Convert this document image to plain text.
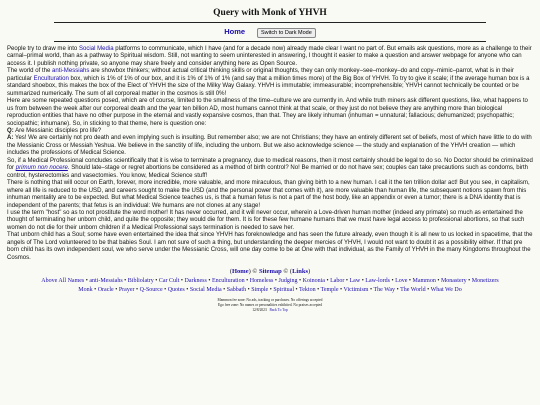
Query with Monk of YHVH
Home	Switch to Dark Mode

People try to draw me into Social Media platforms to communicate, which I have (and for a decade now) already made clear I want no part of. But emails ask questions, more as a challenge to their carnal–primal world, than as a pathway to Spiritual wisdom. Still, not wanting to seem uninterested in answering, I thought it easier to make a question and answer webpage for anyone who can access it. I publish nothing private, so anyone may share freely and consider anything here as Open Source.

The world of the anti-Messiahs are showbox thinkers; without actual critical thinking skills or original thoughts, they can only monkey–see–monkey–do and copy–mimic–parrot, what is in their particular Enculturation box, which is 1% of 1% of our box, and it is 1% of 1% of 1% (and say that a million times more) of the Big Box of YHVH. To try to give it scale; if the average human box is a standard shoebox, this makes the box of the Elect of YHVH the size of the Milky Way Galaxy. YHVH is immutable; immeasurable; incomprehensible; YHVH cannot technically be counted or be summarized numerically. The sum of all corporeal matter in the cosmos is still 0%!

Here are some repeated questions posed, which are of course, limited to the smallness of the time–culture we are currently in. And while truth miners ask different questions, like, what happens to us from between the week after our corporeal death and the year ten billion AD, most humans cannot think at that scale, or they just do not believe they are anything more than biological reproduction entities that have no other purpose in the eternal and vastly expansive cosmos, than that. They are likely inhuman (inhuman = unnatural; fallacious; dehumanized; psychopathic; sociopathic; inhumane). So, in sticking to that theme, here is question one:

Q: Are Messianic disciples pro life?

A: Yes! We are certainly not pro death and even implying such is insulting. But remember also; we are not Christians; they have an entirely different set of beliefs, most of which have little to do with the Messianic Cross or Messiah Yeshua. We believe in the sanctity of life, including the unborn. But we also acknowledge science — the study and explanation of the YHVH creation — which includes the professions of Medical Science.

So, if a Medical Professional concludes scientifically that it is wise to terminate a pregnancy, due to medical reasons, then it most certainly should be legal to do so. No Doctor should be criminalized for primum non nocere. Should late–stage or regret abortions be considered as a method of birth control? No! Be married or do not have sex; couples can take precautions such as condoms, birth control, hysterectomies and vasectomies. You know, Medical Science stuff!

There is nothing that will occur on Earth, forever, more incredible, more valuable, and more miraculous, than giving birth to a new human. I call it the ten trillion dollar act! But you see, in capitalism, where all life is reduced to the USD, and careers sought to make the USD (and the personal power that comes with it), are more valuable than human life, the subsequent notions spawn from this inhuman mentality are to be expected. But what Medical Science teaches us, is that a human fetus is not a part of the host body, like an appendix or even a tumor; there is a DNA identity that is independent of the parents; that fetus is an individual: We humans are not clones at any stage!

I use the term "host" so as to not prostitute the word mother! It has never occurred, and it will never occur, wherein a Love-driven human mother (indeed any primate) so much as entertained the thought of terminating her unborn child, and quite the opposite; they would die for them. It is for these few humane humans that we must have legal access to professional abortions, so that such women do not die for their unborn children if a Medical Professional says termination is needed to save her.

That unborn child has a Soul; some have even entertained the idea that since YHVH has foreknowledge and has seen the future already, even though it is all new to us locked in spacetime, that the angels of The Lord volunteered to be that babies Soul. I am not sure of such a thing, but understanding the deeper mercies of YHVH, I would not want to doubt it as a possibility either. If that pre born child has its own independent soul, we who serve under the Messianic Cross, will one day come to be at One with that individual, as the Family of YHVH in the many Kingdoms throughout the Cosmos.

(Home) © Sitemap © (Links)
Above All Names • anti-Messiahs • Bibliolatry • Car Cult • Darkness • Enculturation • Homeless • Judging • Koinonia • Labor • Law • Law-lords • Love • Mammon • Monastery • Monetizers
Monk • Oracle • Prayer • Q-Source • Quotes • Social Media • Sabbath • Simple • Spiritual • Tekton • Temple • Victimism • The Way • The World • What We Do
Mammon fee zone: No ads, tracking or purchases. No offerings accepted
Ego free zone: No names or personalities exhibited. No praises accepted
12/8/2023 Back To Top
